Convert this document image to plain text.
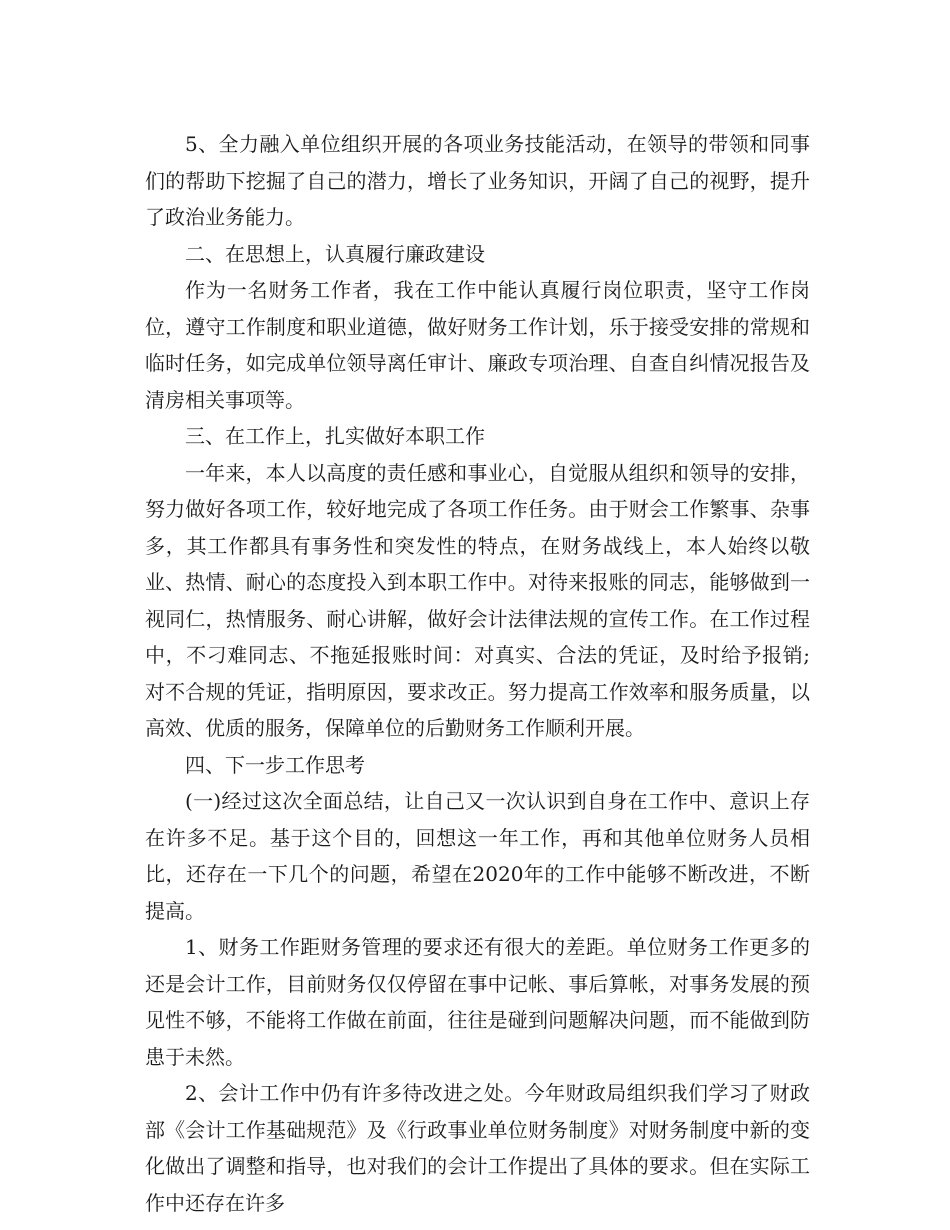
5、全力融入单位组织开展的各项业务技能活动，在领导的带领和同事们的帮助下挖掘了自己的潜力，增长了业务知识，开阔了自己的视野，提升了政治业务能力。

二、在思想上，认真履行廉政建设

作为一名财务工作者，我在工作中能认真履行岗位职责，坚守工作岗位，遵守工作制度和职业道德，做好财务工作计划，乐于接受安排的常规和临时任务，如完成单位领导离任审计、廉政专项治理、自查自纠情况报告及清房相关事项等。

三、在工作上，扎实做好本职工作

一年来，本人以高度的责任感和事业心，自觉服从组织和领导的安排，努力做好各项工作，较好地完成了各项工作任务。由于财会工作繁事、杂事多，其工作都具有事务性和突发性的特点，在财务战线上，本人始终以敬业、热情、耐心的态度投入到本职工作中。对待来报账的同志，能够做到一视同仁，热情服务、耐心讲解，做好会计法律法规的宣传工作。在工作过程中，不刁难同志、不拖延报账时间：对真实、合法的凭证，及时给予报销;对不合规的凭证，指明原因，要求改正。努力提高工作效率和服务质量，以高效、优质的服务，保障单位的后勤财务工作顺利开展。

四、下一步工作思考

(一)经过这次全面总结，让自己又一次认识到自身在工作中、意识上存在许多不足。基于这个目的，回想这一年工作，再和其他单位财务人员相比，还存在一下几个的问题，希望在2020年的工作中能够不断改进，不断提高。

1、财务工作距财务管理的要求还有很大的差距。单位财务工作更多的还是会计工作，目前财务仅仅停留在事中记帐、事后算帐，对事务发展的预见性不够，不能将工作做在前面，往往是碰到问题解决问题，而不能做到防患于未然。

2、会计工作中仍有许多待改进之处。今年财政局组织我们学习了财政部《会计工作基础规范》及《行政事业单位财务制度》对财务制度中新的变化做出了调整和指导，也对我们的会计工作提出了具体的要求。但在实际工作中还存在许多
